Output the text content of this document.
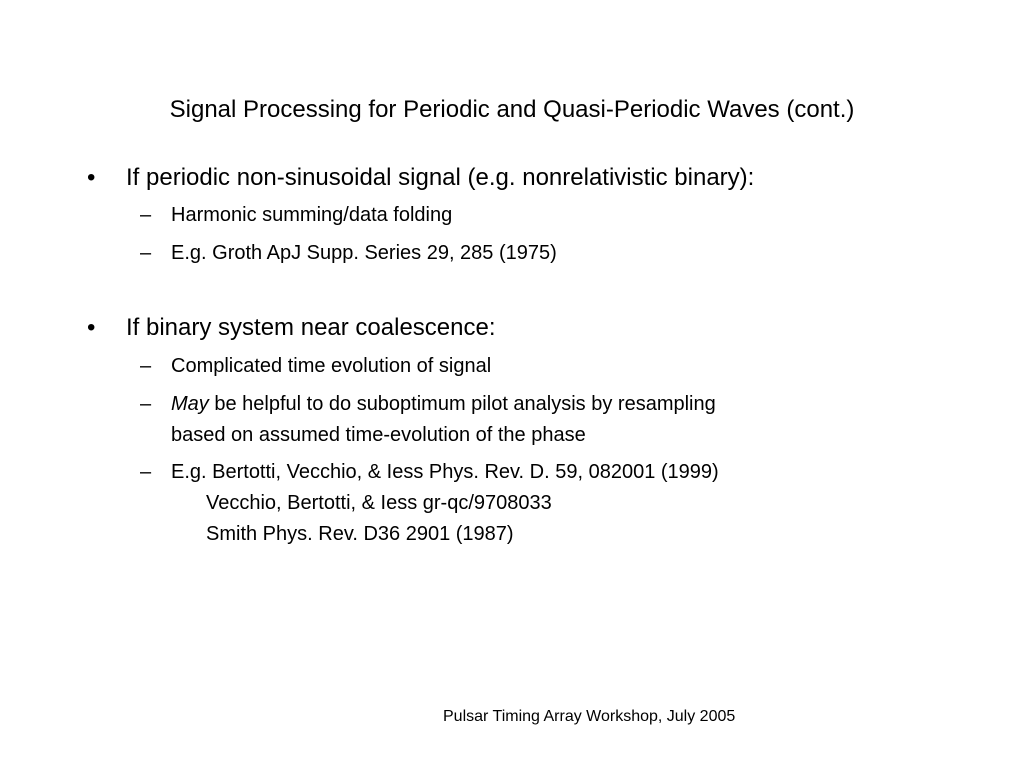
Signal Processing for Periodic and Quasi-Periodic Waves (cont.)
• If periodic non-sinusoidal signal (e.g. nonrelativistic binary):
– Harmonic summing/data folding
– E.g. Groth ApJ Supp. Series 29, 285 (1975)
• If binary system near coalescence:
– Complicated time evolution of signal
– May be helpful to do suboptimum pilot analysis by resampling
based on assumed time-evolution of the phase
– E.g. Bertotti, Vecchio, & Iess Phys. Rev. D. 59, 082001 (1999)
Vecchio, Bertotti, & Iess gr-qc/9708033
Smith Phys. Rev. D36 2901 (1987)
Pulsar Timing Array Workshop, July 2005
